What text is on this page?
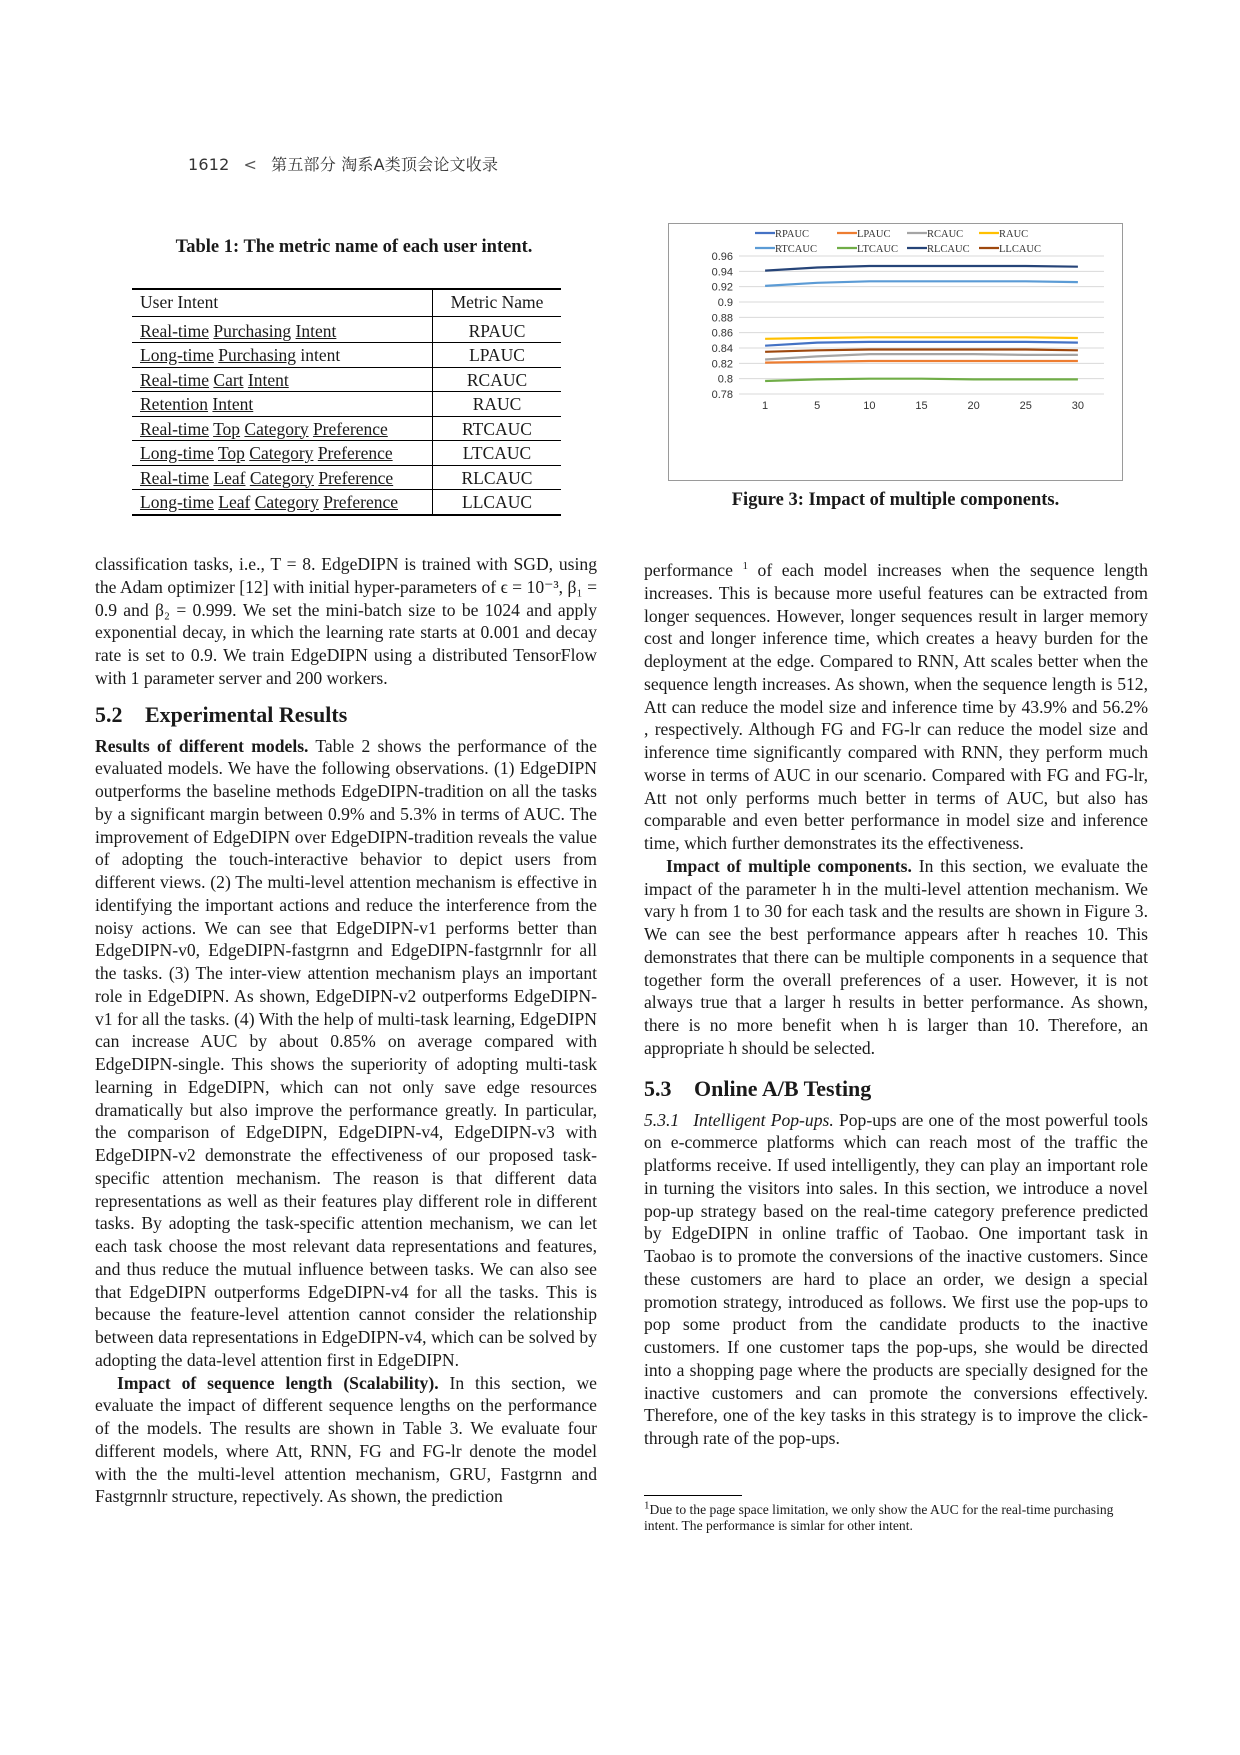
1612 < 第五部分 淘系A类顶会论文收录
Table 1: The metric name of each user intent.
User Intent	Metric Name
Real-time Purchasing Intent	RPAUC
Long-time Purchasing intent	LPAUC
Real-time Cart Intent	RCAUC
Retention Intent	RAUC
Real-time Top Category Preference	RTCAUC
Long-time Top Category Preference	LTCAUC
Real-time Leaf Category Preference	RLCAUC
Long-time Leaf Category Preference	LLCAUC
0.96
0.94
0.92
0.9
0.88
0.86
0.84
0.82
0.8
0.78
1	5	10	15	20	25	30
RPAUC	LPAUC	RCAUC	RAUC
RTCAUC	LTCAUC	RLCAUC	LLCAUC
Figure 3: Impact of multiple components.

classification tasks, i.e., T = 8. EdgeDIPN is trained with SGD, using the Adam optimizer [12] with initial hyper-parameters of ϵ = 10⁻³, β₁ = 0.9 and β₂ = 0.999. We set the mini-batch size to be 1024 and apply exponential decay, in which the learning rate starts at 0.001 and decay rate is set to 0.9. We train EdgeDIPN using a distributed TensorFlow with 1 parameter server and 200 workers.

5.2 Experimental Results

Results of different models. Table 2 shows the performance of the evaluated models. We have the following observations. (1) EdgeDIPN outperforms the baseline methods EdgeDIPN-tradition on all the tasks by a significant margin between 0.9% and 5.3% in terms of AUC. The improvement of EdgeDIPN over EdgeDIPN-tradition reveals the value of adopting the touch-interactive behavior to depict users from different views. (2) The multi-level attention mechanism is effective in identifying the important actions and reduce the interference from the noisy actions. We can see that EdgeDIPN-v1 performs better than EdgeDIPN-v0, EdgeDIPN-fastgrnn and EdgeDIPN-fastgrnnlr for all the tasks. (3) The inter-view attention mechanism plays an important role in EdgeDIPN. As shown, EdgeDIPN-v2 outperforms EdgeDIPN-v1 for all the tasks. (4) With the help of multi-task learning, EdgeDIPN can increase AUC by about 0.85% on average compared with EdgeDIPN-single. This shows the superiority of adopting multi-task learning in EdgeDIPN, which can not only save edge resources dramatically but also improve the performance greatly. In particular, the comparison of EdgeDIPN, EdgeDIPN-v4, EdgeDIPN-v3 with EdgeDIPN-v2 demonstrate the effectiveness of our proposed task-specific attention mechanism. The reason is that different data representations as well as their features play different role in different tasks. By adopting the task-specific attention mechanism, we can let each task choose the most relevant data representations and features, and thus reduce the mutual influence between tasks. We can also see that EdgeDIPN outperforms EdgeDIPN-v4 for all the tasks. This is because the feature-level attention cannot consider the relationship between data representations in EdgeDIPN-v4, which can be solved by adopting the data-level attention first in EdgeDIPN.

Impact of sequence length (Scalability). In this section, we evaluate the impact of different sequence lengths on the performance of the models. The results are shown in Table 3. We evaluate four different models, where Att, RNN, FG and FG-lr denote the model with the the multi-level attention mechanism, GRU, Fastgrnn and Fastgrnnlr structure, repectively. As shown, the prediction

performance $^1$ of each model increases when the sequence length increases. This is because more useful features can be extracted from longer sequences. However, longer sequences result in larger memory cost and longer inference time, which creates a heavy burden for the deployment at the edge. Compared to RNN, Att scales better when the sequence length increases. As shown, when the sequence length is 512, Att can reduce the model size and inference time by 43.9% and 56.2% , respectively. Although FG and FG-lr can reduce the model size and inference time significantly compared with RNN, they perform much worse in terms of AUC in our scenario. Compared with FG and FG-lr, Att not only performs much better in terms of AUC, but also has comparable and even better performance in model size and inference time, which further demonstrates its the effectiveness.

Impact of multiple components. In this section, we evaluate the impact of the parameter h in the multi-level attention mechanism. We vary h from 1 to 30 for each task and the results are shown in Figure 3. We can see the best performance appears after h reaches 10. This demonstrates that there can be multiple components in a sequence that together form the overall preferences of a user. However, it is not always true that a larger h results in better performance. As shown, there is no more benefit when h is larger than 10. Therefore, an appropriate h should be selected.

5.3 Online A/B Testing

5.3.1 Intelligent Pop-ups. Pop-ups are one of the most powerful tools on e-commerce platforms which can reach most of the traffic the platforms receive. If used intelligently, they can play an important role in turning the visitors into sales. In this section, we introduce a novel pop-up strategy based on the real-time category preference predicted by EdgeDIPN in online traffic of Taobao. One important task in Taobao is to promote the conversions of the inactive customers. Since these customers are hard to place an order, we design a special promotion strategy, introduced as follows. We first use the pop-ups to pop some product from the candidate products to the inactive customers. If one customer taps the pop-ups, she would be directed into a shopping page where the products are specially designed for the inactive customers and can promote the conversions effectively. Therefore, one of the key tasks in this strategy is to improve the click-through rate of the pop-ups.

$^1$Due to the page space limitation, we only show the AUC for the real-time purchasing intent. The performance is simlar for other intent.
